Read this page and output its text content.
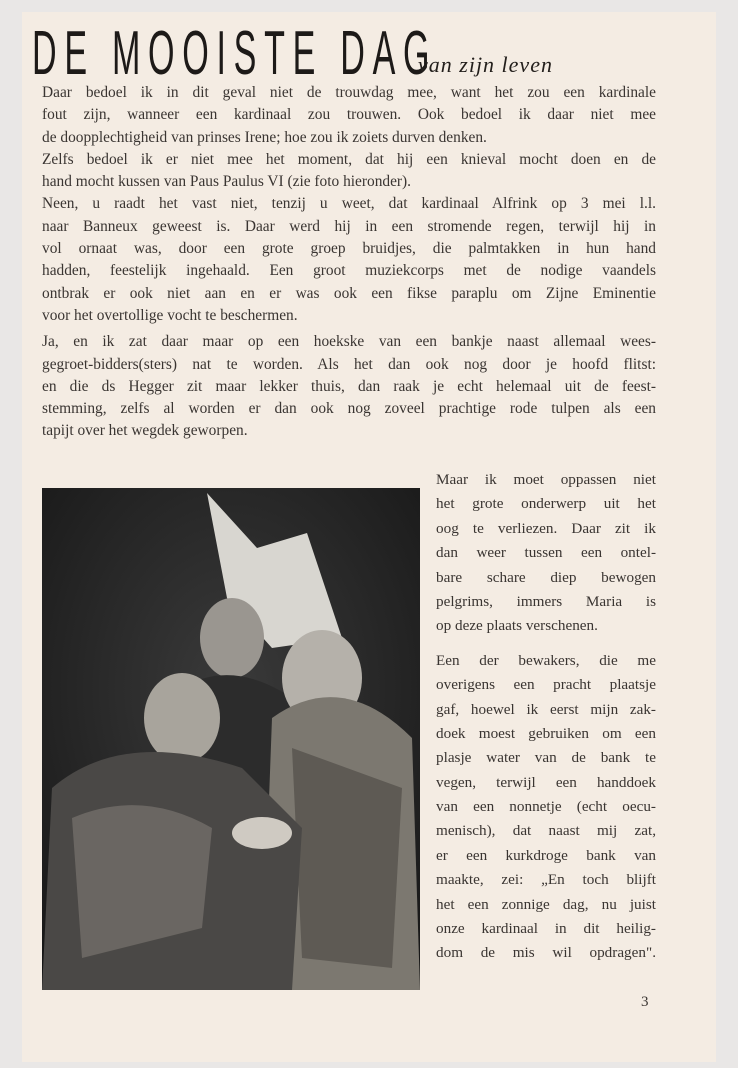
DE MOOISTE DAG
van zijn leven
Daar bedoel ik in dit geval niet de trouwdag mee, want het zou een kardinale
fout zijn, wanneer een kardinaal zou trouwen. Ook bedoel ik daar niet mee
de doopplechtigheid van prinses Irene; hoe zou ik zoiets durven denken.
Zelfs bedoel ik er niet mee het moment, dat hij een knieval mocht doen en de
hand mocht kussen van Paus Paulus VI (zie foto hieronder).
Neen, u raadt het vast niet, tenzij u weet, dat kardinaal Alfrink op 3 mei l.l.
naar Banneux geweest is. Daar werd hij in een stromende regen, terwijl hij in
vol ornaat was, door een grote groep bruidjes, die palmtakken in hun hand
hadden, feestelijk ingehaald. Een groot muziekcorps met de nodige vaandels
ontbrak er ook niet aan en er was ook een fikse paraplu om Zijne Eminentie
voor het overtollige vocht te beschermen.
Ja, en ik zat daar maar op een hoekske van een bankje naast allemaal wees-
gegroet-bidders(sters) nat te worden. Als het dan ook nog door je hoofd flitst:
en die ds Hegger zit maar lekker thuis, dan raak je echt helemaal uit de feest-
stemming, zelfs al worden er dan ook nog zoveel prachtige rode tulpen als een
tapijt over het wegdek geworpen.
Maar ik moet oppassen niet
het grote onderwerp uit het
oog te verliezen. Daar zit ik
dan weer tussen een ontel-
bare schare diep bewogen
pelgrims, immers Maria is
op deze plaats verschenen.
Een der bewakers, die me
overigens een pracht plaatsje
gaf, hoewel ik eerst mijn zak-
doek moest gebruiken om een
plasje water van de bank te
vegen, terwijl een handdoek
van een nonnetje (echt oecu-
menisch), dat naast mij zat,
er een kurkdroge bank van
maakte, zei: „En toch blijft
het een zonnige dag, nu juist
onze kardinaal in dit heilig-
dom de mis wil opdragen".
3
